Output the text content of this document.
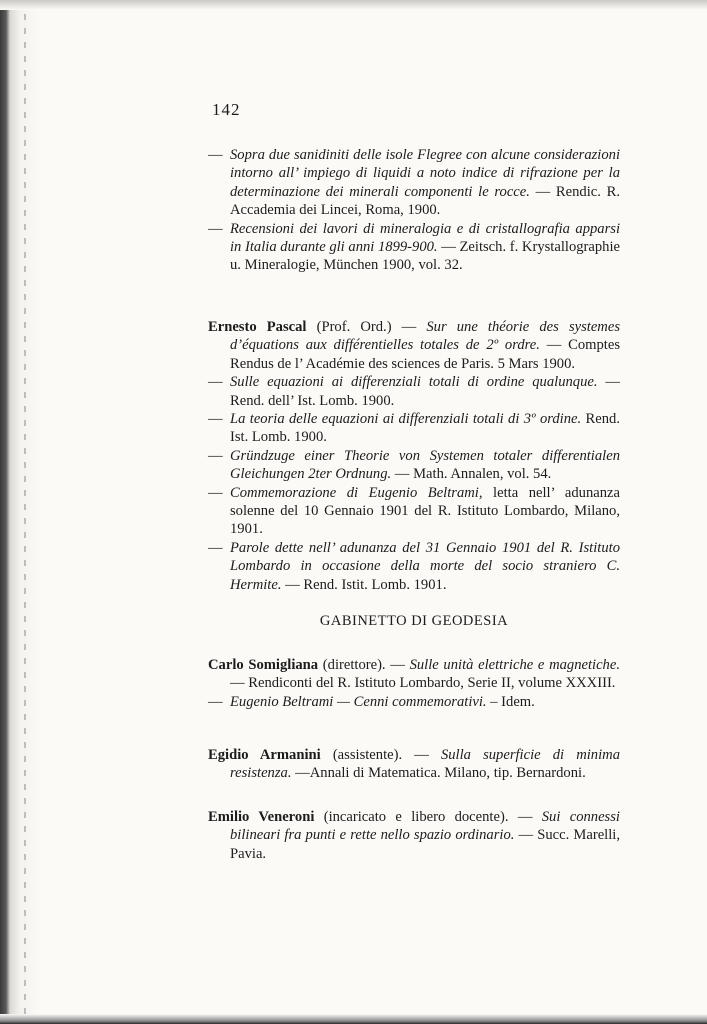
142

— Sopra due sanidiniti delle isole Flegree con alcune considerazioni intorno all’ impiego di liquidi a noto indice di rifrazione per la determinazione dei minerali componenti le rocce. — Rendic. R. Accademia dei Lincei, Roma, 1900.

— Recensioni dei lavori di mineralogia e di cristallografia apparsi in Italia durante gli anni 1899-900. — Zeitsch. f. Krystallographie u. Mineralogie, München 1900, vol. 32.

Ernesto Pascal (Prof. Ord.) — Sur une théorie des systemes d’équations aux différentielles totales de 2º ordre. — Comptes Rendus de l’ Académie des sciences de Paris. 5 Mars 1900.

— Sulle equazioni ai differenziali totali di ordine qualunque. — Rend. dell’ Ist. Lomb. 1900.

— La teoria delle equazioni ai differenziali totali di 3º ordine. Rend. Ist. Lomb. 1900.

— Gründzuge einer Theorie von Systemen totaler differentialen Gleichungen 2ter Ordnung. — Math. Annalen, vol. 54.

— Commemorazione di Eugenio Beltrami, letta nell’ adunanza solenne del 10 Gennaio 1901 del R. Istituto Lombardo, Milano, 1901.

— Parole dette nell’ adunanza del 31 Gennaio 1901 del R. Istituto Lombardo in occasione della morte del socio straniero C. Hermite. — Rend. Istit. Lomb. 1901.

GABINETTO DI GEODESIA

Carlo Somigliana (direttore). — Sulle unità elettriche e magnetiche. — Rendiconti del R. Istituto Lombardo, Serie II, volume XXXIII.

— Eugenio Beltrami — Cenni commemorativi. – Idem.

Egidio Armanini (assistente). — Sulla superficie di minima resistenza. —Annali di Matematica. Milano, tip. Bernardoni.

Emilio Veneroni (incaricato e libero docente). — Sui connessi bilineari fra punti e rette nello spazio ordinario. — Succ. Marelli, Pavia.
